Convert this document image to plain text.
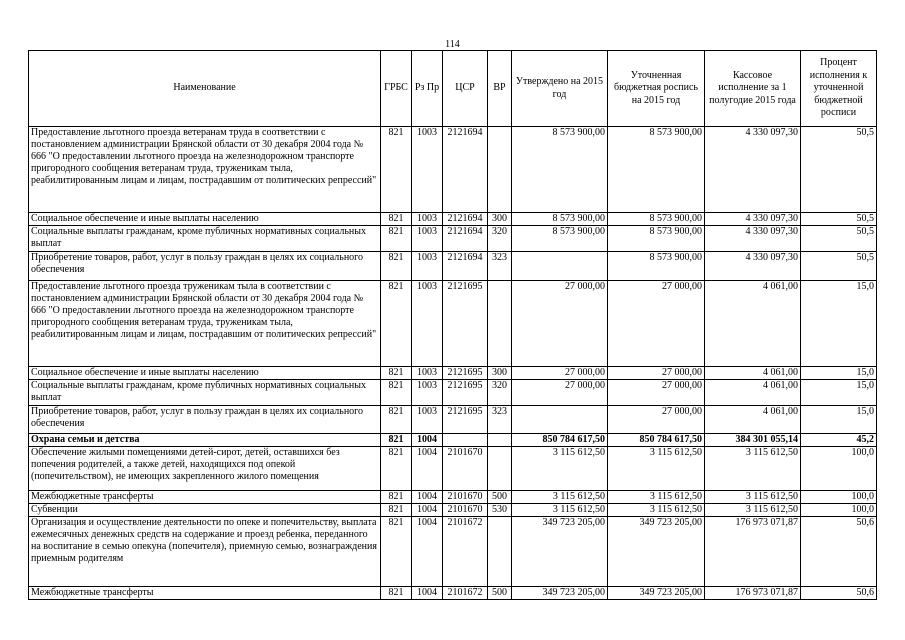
114
Наименование	ГРБС	Рз Пр	ЦСР	ВР	Утверждено на 2015 год	Уточненная бюджетная роспись на 2015 год	Кассовое исполнение за 1 полугодие 2015 года	Процент исполнения к уточненной бюджетной росписи
Предоставление льготного проезда ветеранам труда в соответствии с постановлением администрации Брянской области от 30 декабря 2004 года № 666 "О предоставлении льготного проезда на железнодорожном транспорте пригородного сообщения ветеранам труда, труженикам тыла, реабилитированным лицам и лицам, пострадавшим от политических репрессий"	821	1003	2121694		8 573 900,00	8 573 900,00	4 330 097,30	50,5
Социальное обеспечение и иные выплаты населению	821	1003	2121694	300	8 573 900,00	8 573 900,00	4 330 097,30	50,5
Социальные выплаты гражданам, кроме публичных нормативных социальных выплат	821	1003	2121694	320	8 573 900,00	8 573 900,00	4 330 097,30	50,5
Приобретение товаров, работ, услуг в пользу граждан в целях их социального обеспечения	821	1003	2121694	323		8 573 900,00	4 330 097,30	50,5
Предоставление льготного проезда труженикам тыла в соответствии с постановлением администрации Брянской области от 30 декабря 2004 года № 666 "О предоставлении льготного проезда на железнодорожном транспорте пригородного сообщения ветеранам труда, труженикам тыла, реабилитированным лицам и лицам, пострадавшим от политических репрессий"	821	1003	2121695		27 000,00	27 000,00	4 061,00	15,0
Социальное обеспечение и иные выплаты населению	821	1003	2121695	300	27 000,00	27 000,00	4 061,00	15,0
Социальные выплаты гражданам, кроме публичных нормативных социальных выплат	821	1003	2121695	320	27 000,00	27 000,00	4 061,00	15,0
Приобретение товаров, работ, услуг в пользу граждан в целях их социального обеспечения	821	1003	2121695	323		27 000,00	4 061,00	15,0
Охрана семьи и детства	821	1004			850 784 617,50	850 784 617,50	384 301 055,14	45,2
Обеспечение жилыми помещениями детей-сирот, детей, оставшихся без попечения родителей, а также детей, находящихся под опекой (попечительством), не имеющих закрепленного жилого помещения	821	1004	2101670		3 115 612,50	3 115 612,50	3 115 612,50	100,0
Межбюджетные трансферты	821	1004	2101670	500	3 115 612,50	3 115 612,50	3 115 612,50	100,0
Субвенции	821	1004	2101670	530	3 115 612,50	3 115 612,50	3 115 612,50	100,0
Организация и осуществление деятельности по опеке и попечительству, выплата ежемесячных денежных средств на содержание и проезд ребенка, переданного на воспитание в семью опекуна (попечителя), приемную семью, вознаграждения приемным родителям	821	1004	2101672		349 723 205,00	349 723 205,00	176 973 071,87	50,6
Межбюджетные трансферты	821	1004	2101672	500	349 723 205,00	349 723 205,00	176 973 071,87	50,6
